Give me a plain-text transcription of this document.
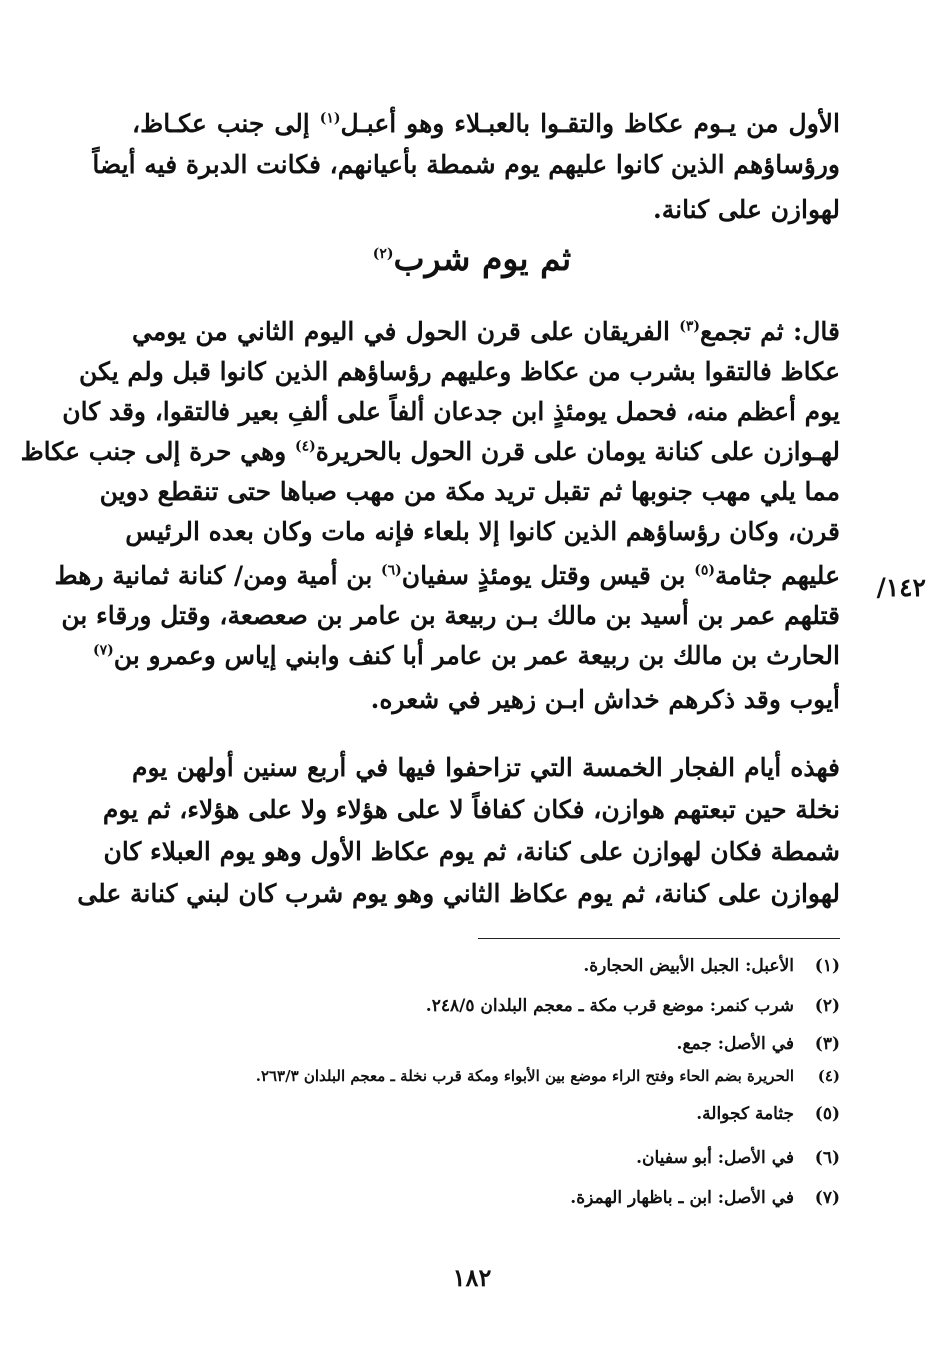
الأول من يـوم عكاظ والتقـوا بالعبـلاء وهو أعبـل$^{(١)}$ إلى جنب عكـاظ،
ورؤساؤهم الذين كانوا عليهم يوم شمطة بأعيانهم، فكانت الدبرة فيه أيضاً
لهوازن على كنانة.
ثم يوم شرب$^{(٢)}$
قال: ثم تجمع$^{(٣)}$ الفريقان على قرن الحول في اليوم الثاني من يومي
عكاظ فالتقوا بشرب من عكاظ وعليهم رؤساؤهم الذين كانوا قبل ولم يكن
يوم أعظم منه، فحمل يومئذٍ ابن جدعان ألفاً على ألفِ بعير فالتقوا، وقد كان
لهـوازن على كنانة يومان على قرن الحول بالحريرة$^{(٤)}$ وهي حرة إلى جنب عكاظ
مما يلي مهب جنوبها ثم تقبل تريد مكة من مهب صباها حتى تنقطع دوين
قرن، وكان رؤساؤهم الذين كانوا إلا بلعاء فإنه مات وكان بعده الرئيس
عليهم جثامة$^{(٥)}$ بن قيس وقتل يومئذٍ سفيان$^{(٦)}$ بن أمية ومن/ كنانة ثمانية رهط
قتلهم عمر بن أسيد بن مالك بـن ربيعة بن عامر بن صعصعة، وقتل ورقاء بن
الحارث بن مالك بن ربيعة عمر بن عامر أبا كنف وابني إياس وعمرو بن$^{(٧)}$
أيوب وقد ذكرهم خداش ابـن زهير في شعره.
١٤٢/
فهذه أيام الفجار الخمسة التي تزاحفوا فيها في أربع سنين أولهن يوم
نخلة حين تبعتهم هوازن، فكان كفافاً لا على هؤلاء ولا على هؤلاء، ثم يوم
شمطة فكان لهوازن على كنانة، ثم يوم عكاظ الأول وهو يوم العبلاء كان
لهوازن على كنانة، ثم يوم عكاظ الثاني وهو يوم شرب كان لبني كنانة على
(١)الأعبل: الجبل الأبيض الحجارة.
(٢)شرب كنمر: موضع قرب مكة ـ معجم البلدان ٢٤٨/٥.
(٣)في الأصل: جمع.
(٤)الحريرة بضم الحاء وفتح الراء موضع بين الأبواء ومكة قرب نخلة ـ معجم البلدان ٢٦٣/٣.
(٥)جثامة كجوالة.
(٦)في الأصل: أبو سفيان.
(٧)في الأصل: ابن ـ باظهار الهمزة.
١٨٢
